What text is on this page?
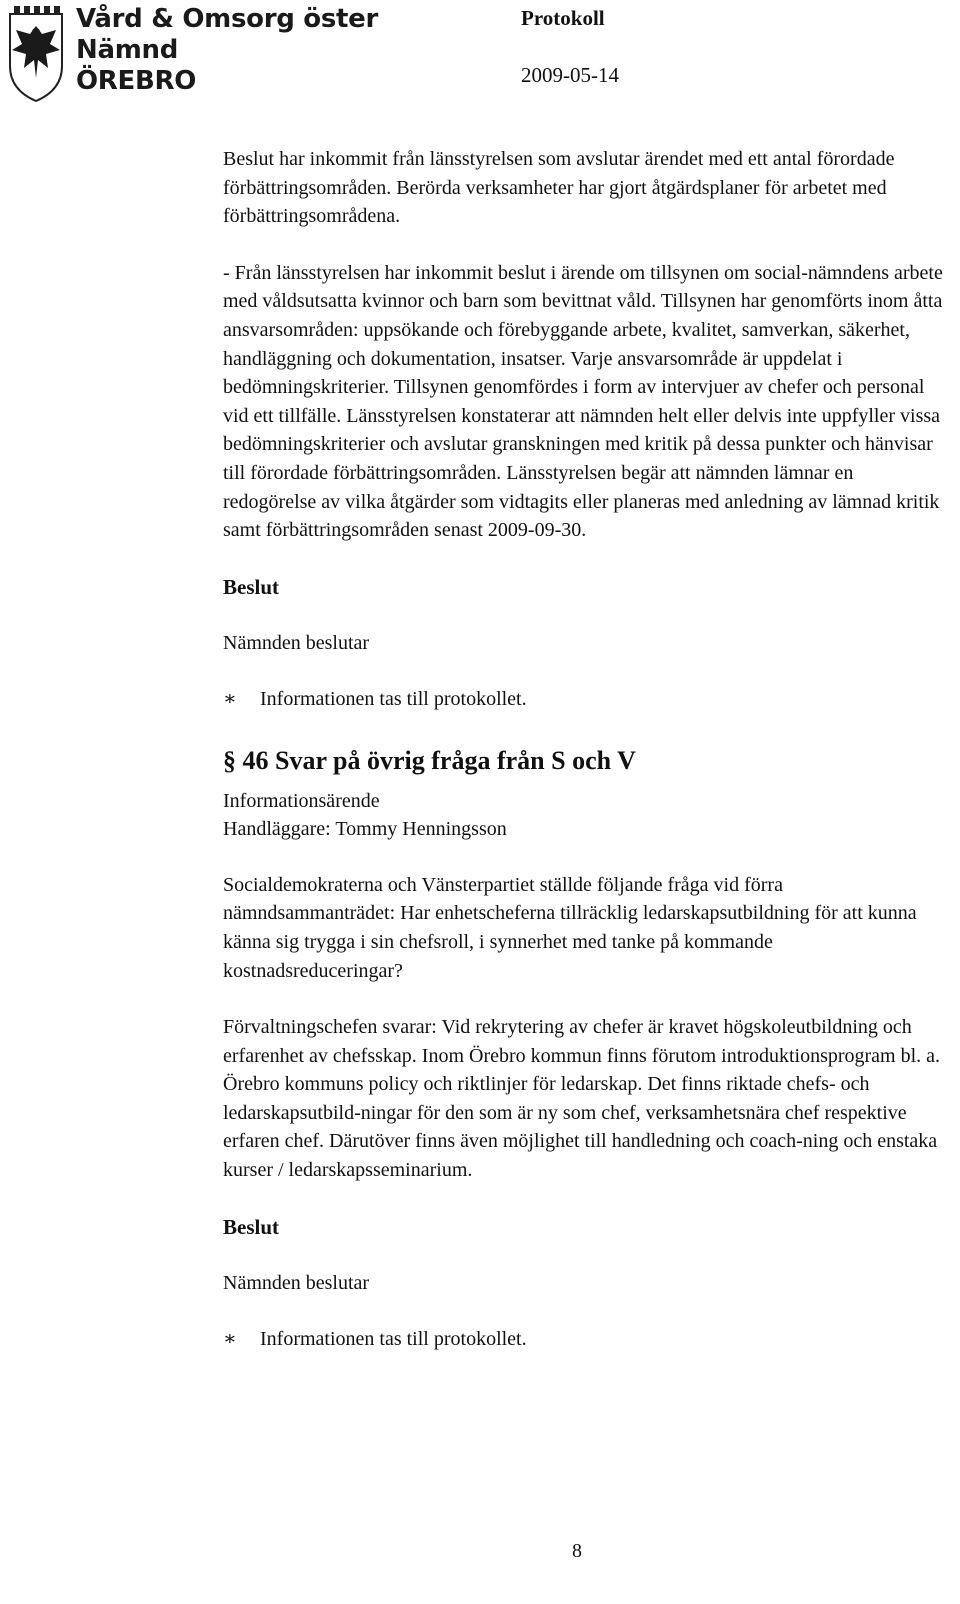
Vård & Omsorg öster
Nämnd
ÖREBRO
Protokoll
2009-05-14

Beslut har inkommit från länsstyrelsen som avslutar ärendet med ett antal förordade förbättringsområden. Berörda verksamheter har gjort åtgärdsplaner för arbetet med förbättringsområdena.

- Från länsstyrelsen har inkommit beslut i ärende om tillsynen om social-nämndens arbete med våldsutsatta kvinnor och barn som bevittnat våld. Tillsynen har genomförts inom åtta ansvarsområden: uppsökande och förebyggande arbete, kvalitet, samverkan, säkerhet, handläggning och dokumentation, insatser. Varje ansvarsområde är uppdelat i bedömningskriterier. Tillsynen genomfördes i form av intervjuer av chefer och personal vid ett tillfälle. Länsstyrelsen konstaterar att nämnden helt eller delvis inte uppfyller vissa bedömningskriterier och avslutar granskningen med kritik på dessa punkter och hänvisar till förordade förbättringsområden. Länsstyrelsen begär att nämnden lämnar en redogörelse av vilka åtgärder som vidtagits eller planeras med anledning av lämnad kritik samt förbättringsområden senast 2009-09-30.

Beslut

Nämnden beslutar

∗	Informationen tas till protokollet.

§ 46 Svar på övrig fråga från S och V

Informationsärende

Handläggare: Tommy Henningsson

Socialdemokraterna och Vänsterpartiet ställde följande fråga vid förra nämndsammanträdet: Har enhetscheferna tillräcklig ledarskapsutbildning för att kunna känna sig trygga i sin chefsroll, i synnerhet med tanke på kommande kostnadsreduceringar?

Förvaltningschefen svarar: Vid rekrytering av chefer är kravet högskoleutbildning och erfarenhet av chefsskap. Inom Örebro kommun finns förutom introduktionsprogram bl. a. Örebro kommuns policy och riktlinjer för ledarskap. Det finns riktade chefs- och ledarskapsutbild-ningar för den som är ny som chef, verksamhetsnära chef respektive erfaren chef. Därutöver finns även möjlighet till handledning och coach-ning och enstaka kurser / ledarskapsseminarium.

Beslut

Nämnden beslutar

∗	Informationen tas till protokollet.

8
